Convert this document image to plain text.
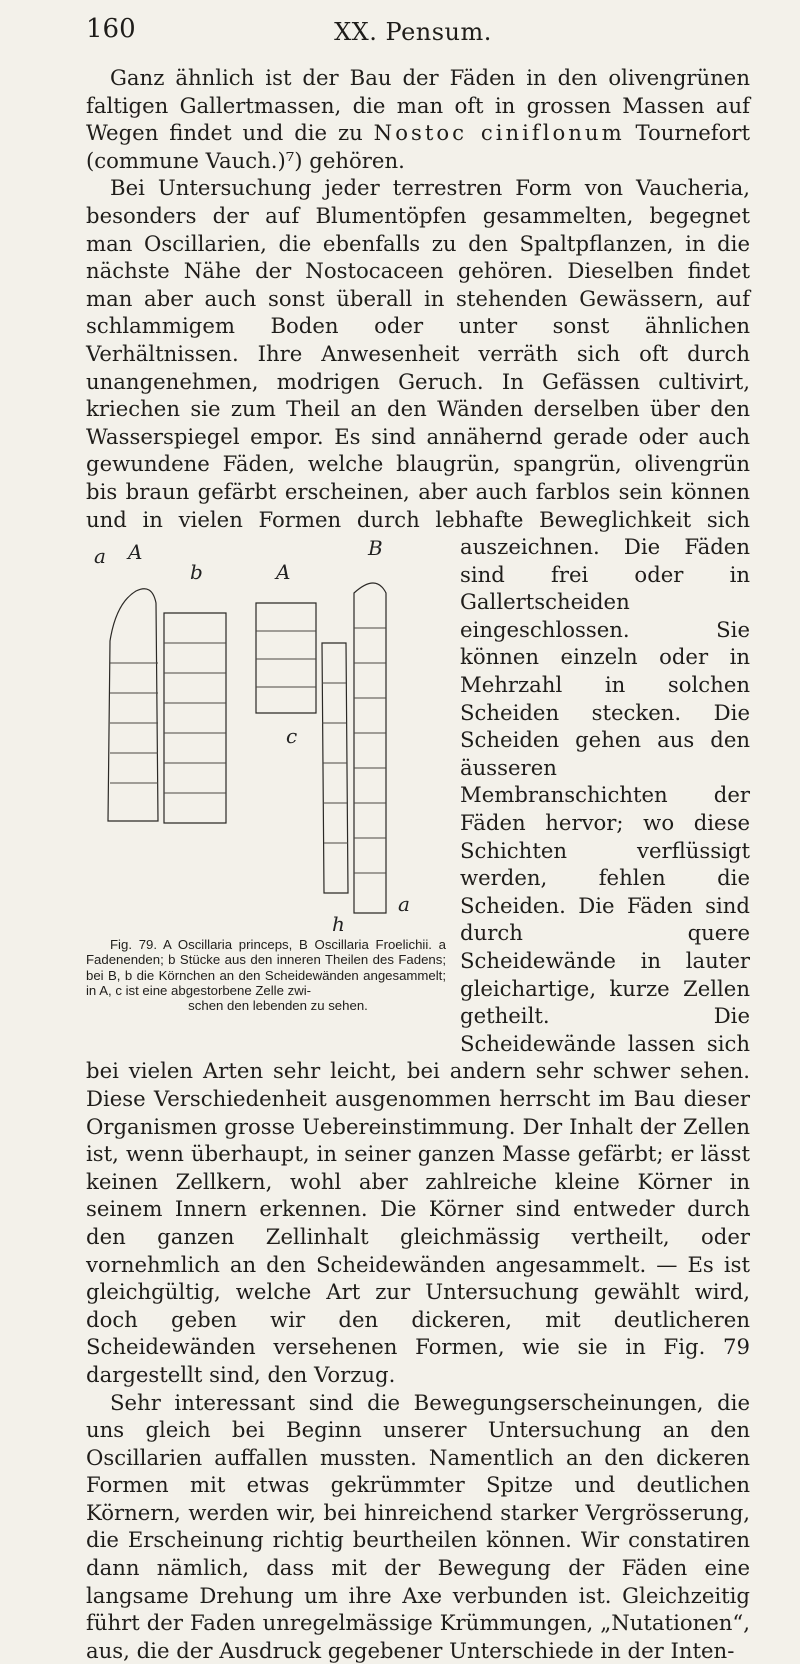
160	XX. Pensum.

Ganz ähnlich ist der Bau der Fäden in den olivengrünen faltigen Gallertmassen, die man oft in grossen Massen auf Wegen findet und die zu Nostoc ciniflonum Tournefort (commune Vauch.)⁷) gehören.

Bei Untersuchung jeder terrestren Form von Vaucheria, besonders der auf Blumentöpfen gesammelten, begegnet man Oscillarien, die ebenfalls zu den Spaltpflanzen, in die nächste Nähe der Nostocaceen gehören. Dieselben findet man aber auch sonst überall in stehenden Gewässern, auf schlammigem Boden oder unter sonst ähnlichen Verhältnissen. Ihre Anwesenheit verräth sich oft durch unangenehmen, modrigen Geruch. In Gefässen cultivirt, kriechen sie zum Theil an den Wänden derselben über den Wasserspiegel empor. Es sind annähernd gerade oder auch gewundene Fäden, welche blaugrün, spangrün, olivengrün bis braun gefärbt erscheinen, aber auch farblos sein können und in vielen Formen durch lebhafte Beweglichkeit sich auszeichnen.
a A
b	A
B
c
h
a
Fig. 79. A Oscillaria princeps, B Oscillaria Froelichii. a Fadenenden; b Stücke aus den inneren Theilen des Fadens; bei B, b die Körnchen an den Scheidewänden angesammelt; in A, c ist eine abgestorbene Zelle zwi-
schen den lebenden zu sehen.
Die Fäden sind frei oder in Gallertscheiden eingeschlossen. Sie können einzeln oder in Mehrzahl in solchen Scheiden stecken. Die Scheiden gehen aus den äusseren Membranschichten der Fäden hervor; wo diese Schichten verflüssigt werden, fehlen die Scheiden. Die Fäden sind durch quere Scheidewände in lauter gleichartige, kurze Zellen getheilt. Die Scheidewände lassen sich bei vielen Arten sehr leicht, bei andern sehr schwer sehen. Diese Verschiedenheit ausgenommen herrscht im Bau dieser Organismen grosse Uebereinstimmung. Der Inhalt der Zellen ist, wenn überhaupt, in seiner ganzen Masse gefärbt; er lässt keinen Zellkern, wohl aber zahlreiche kleine Körner in seinem Innern erkennen. Die Körner sind entweder durch den ganzen Zellinhalt gleichmässig vertheilt, oder vornehmlich an den Scheidewänden angesammelt. — Es ist gleichgültig, welche Art zur Untersuchung gewählt wird, doch geben wir den dickeren, mit deutlicheren Scheidewänden versehenen Formen, wie sie in Fig. 79 dargestellt sind, den Vorzug.

Sehr interessant sind die Bewegungserscheinungen, die uns gleich bei Beginn unserer Untersuchung an den Oscillarien auffallen mussten. Namentlich an den dickeren Formen mit etwas gekrümmter Spitze und deutlichen Körnern, werden wir, bei hinreichend starker Vergrösserung, die Erscheinung richtig beurtheilen können. Wir constatiren dann nämlich, dass mit der Bewegung der Fäden eine langsame Drehung um ihre Axe verbunden ist. Gleichzeitig führt der Faden unregelmässige Krümmungen, „Nutationen“, aus, die der Ausdruck gegebener Unterschiede in der Inten-
